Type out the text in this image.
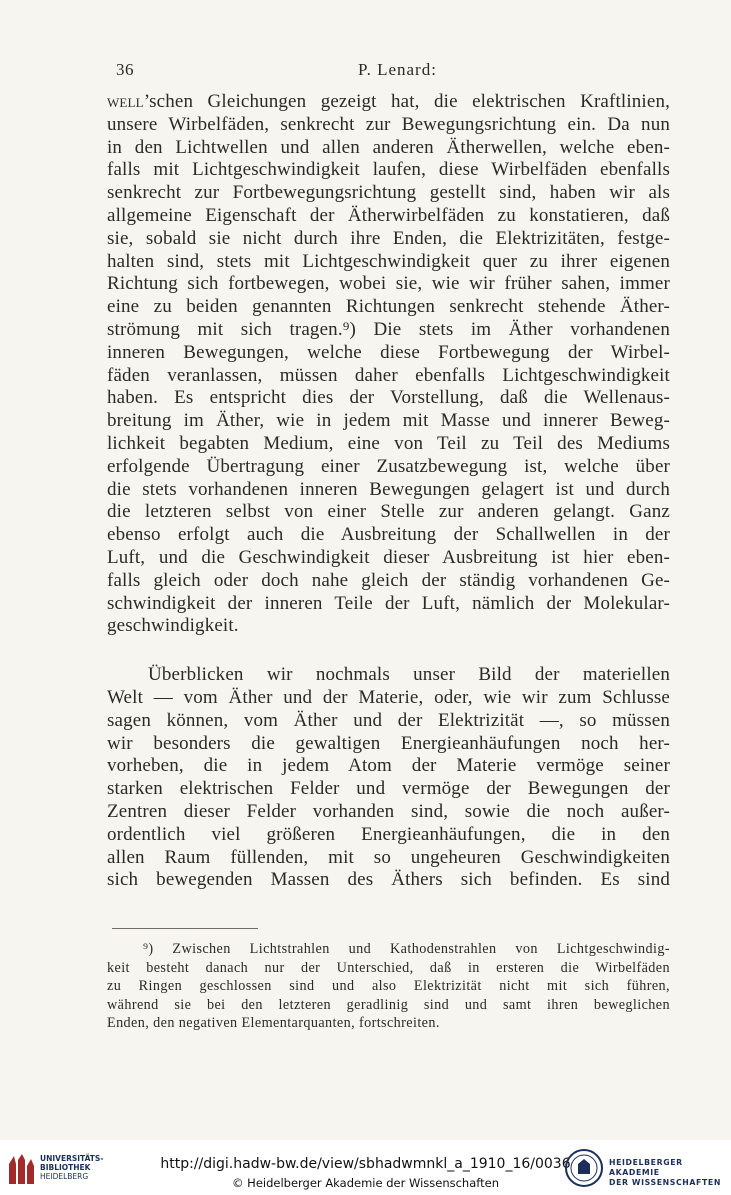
36	P. Lenard:
well’schen Gleichungen gezeigt hat, die elektrischen Kraftlinien,
unsere Wirbelfäden, senkrecht zur Bewegungsrichtung ein. Da nun
in den Lichtwellen und allen anderen Ätherwellen, welche eben-
falls mit Lichtgeschwindigkeit laufen, diese Wirbelfäden ebenfalls
senkrecht zur Fortbewegungsrichtung gestellt sind, haben wir als
allgemeine Eigenschaft der Ätherwirbelfäden zu konstatieren, daß
sie, sobald sie nicht durch ihre Enden, die Elektrizitäten, festge-
halten sind, stets mit Lichtgeschwindigkeit quer zu ihrer eigenen
Richtung sich fortbewegen, wobei sie, wie wir früher sahen, immer
eine zu beiden genannten Richtungen senkrecht stehende Äther-
strömung mit sich tragen.⁹) Die stets im Äther vorhandenen
inneren Bewegungen, welche diese Fortbewegung der Wirbel-
fäden veranlassen, müssen daher ebenfalls Lichtgeschwindigkeit
haben. Es entspricht dies der Vorstellung, daß die Wellenaus-
breitung im Äther, wie in jedem mit Masse und innerer Beweg-
lichkeit begabten Medium, eine von Teil zu Teil des Mediums
erfolgende Übertragung einer Zusatzbewegung ist, welche über
die stets vorhandenen inneren Bewegungen gelagert ist und durch
die letzteren selbst von einer Stelle zur anderen gelangt. Ganz
ebenso erfolgt auch die Ausbreitung der Schallwellen in der
Luft, und die Geschwindigkeit dieser Ausbreitung ist hier eben-
falls gleich oder doch nahe gleich der ständig vorhandenen Ge-
schwindigkeit der inneren Teile der Luft, nämlich der Molekular-
geschwindigkeit.
Überblicken wir nochmals unser Bild der materiellen
Welt — vom Äther und der Materie, oder, wie wir zum Schlusse
sagen können, vom Äther und der Elektrizität —, so müssen
wir besonders die gewaltigen Energieanhäufungen noch her-
vorheben, die in jedem Atom der Materie vermöge seiner
starken elektrischen Felder und vermöge der Bewegungen der
Zentren dieser Felder vorhanden sind, sowie die noch außer-
ordentlich viel größeren Energieanhäufungen, die in den
allen Raum füllenden, mit so ungeheuren Geschwindigkeiten
sich bewegenden Massen des Äthers sich befinden. Es sind
⁹) Zwischen Lichtstrahlen und Kathodenstrahlen von Lichtgeschwindig-
keit besteht danach nur der Unterschied, daß in ersteren die Wirbelfäden
zu Ringen geschlossen sind und also Elektrizität nicht mit sich führen,
während sie bei den letzteren geradlinig sind und samt ihren beweglichen
Enden, den negativen Elementarquanten, fortschreiten.
UNIVERSITÄTS-
BIBLIOTHEK
HEIDELBERG
http://digi.hadw-bw.de/view/sbhadwmnkl_a_1910_16/0036
© Heidelberger Akademie der Wissenschaften
HEIDELBERGER AKADEMIE
DER WISSENSCHAFTEN
